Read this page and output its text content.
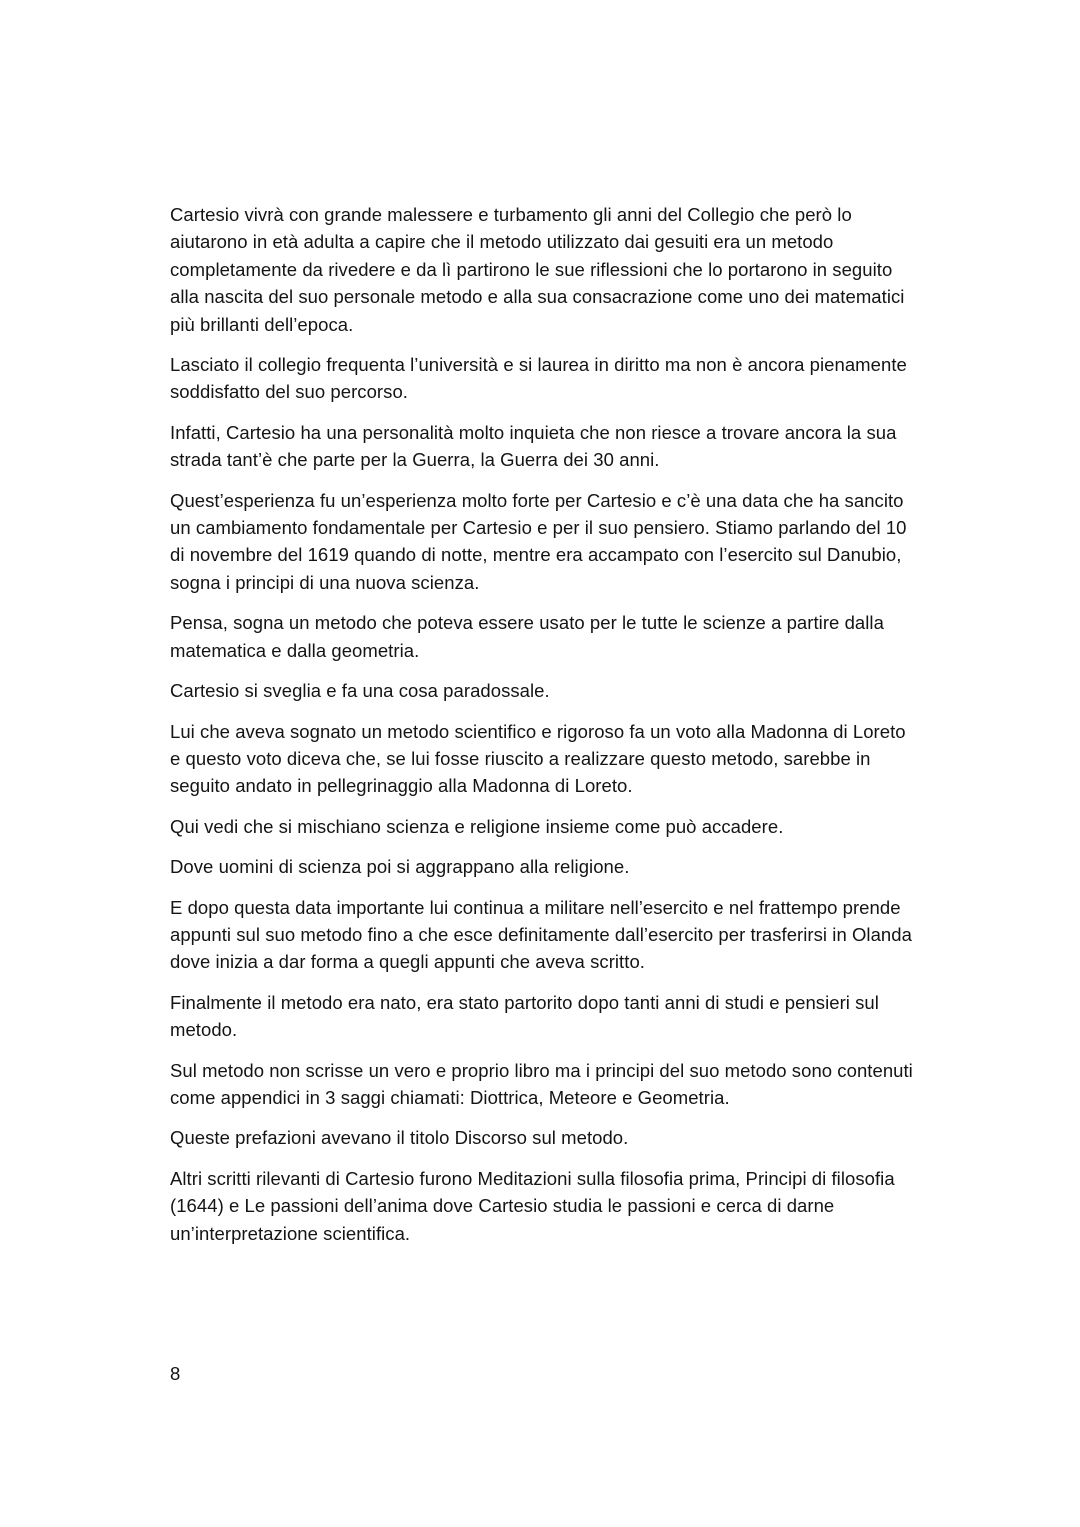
Cartesio vivrà con grande malessere e turbamento gli anni del Collegio che però lo aiutarono in età adulta a capire che il metodo utilizzato dai gesuiti era un metodo completamente da rivedere e da lì partirono le sue riflessioni che lo portarono in seguito alla nascita del suo personale metodo e alla sua consacrazione come uno dei matematici più brillanti dell’epoca.

Lasciato il collegio frequenta l’università e si laurea in diritto ma non è ancora pienamente soddisfatto del suo percorso.

Infatti, Cartesio ha una personalità molto inquieta che non riesce a trovare ancora la sua strada tant’è che parte per la Guerra, la Guerra dei 30 anni.

Quest’esperienza fu un’esperienza molto forte per Cartesio e c’è una data che ha sancito un cambiamento fondamentale per Cartesio e per il suo pensiero. Stiamo parlando del 10 di novembre del 1619 quando di notte, mentre era accampato con l’esercito sul Danubio, sogna i principi di una nuova scienza.

Pensa, sogna un metodo che poteva essere usato per le tutte le scienze a partire dalla matematica e dalla geometria.

Cartesio si sveglia e fa una cosa paradossale.

Lui che aveva sognato un metodo scientifico e rigoroso fa un voto alla Madonna di Loreto e questo voto diceva che, se lui fosse riuscito a realizzare questo metodo, sarebbe in seguito andato in pellegrinaggio alla Madonna di Loreto.

Qui vedi che si mischiano scienza e religione insieme come può accadere.

Dove uomini di scienza poi si aggrappano alla religione.

E dopo questa data importante lui continua a militare nell’esercito e nel frattempo prende appunti sul suo metodo fino a che esce definitamente dall’esercito per trasferirsi in Olanda dove inizia a dar forma a quegli appunti che aveva scritto.

Finalmente il metodo era nato, era stato partorito dopo tanti anni di studi e pensieri sul metodo.

Sul metodo non scrisse un vero e proprio libro ma i principi del suo metodo sono contenuti come appendici in 3 saggi chiamati: Diottrica, Meteore e Geometria.

Queste prefazioni avevano il titolo Discorso sul metodo.

Altri scritti rilevanti di Cartesio furono Meditazioni sulla filosofia prima, Principi di filosofia (1644) e Le passioni dell’anima dove Cartesio studia le passioni e cerca di darne un’interpretazione scientifica.

8
